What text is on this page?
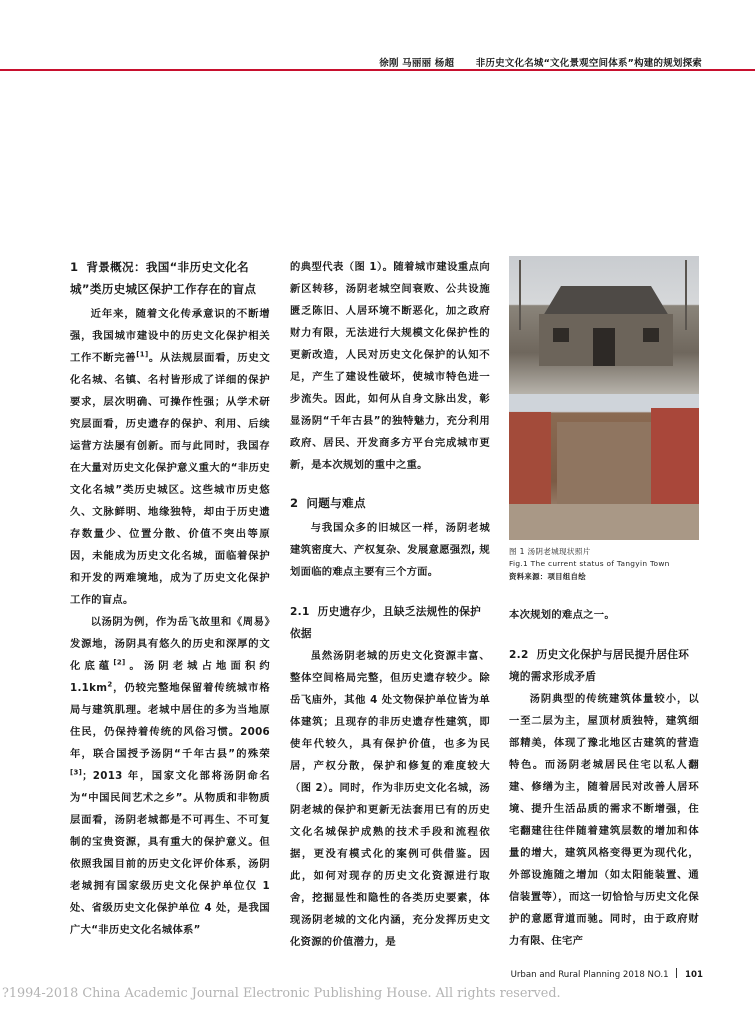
徐刚 马丽丽 杨超 非历史文化名城“文化景观空间体系”构建的规划探索
1 背景概况：我国“非历史文化名城”类历史城区保护工作存在的盲点

近年来，随着文化传承意识的不断增强，我国城市建设中的历史文化保护相关工作不断完善[1]。从法规层面看，历史文化名城、名镇、名村皆形成了详细的保护要求，层次明确、可操作性强；从学术研究层面看，历史遗存的保护、利用、后续运营方法屡有创新。而与此同时，我国存在大量对历史文化保护意义重大的“非历史文化名城”类历史城区。这些城市历史悠久、文脉鲜明、地缘独特，却由于历史遗存数量少、位置分散、价值不突出等原因，未能成为历史文化名城，面临着保护和开发的两难境地，成为了历史文化保护工作的盲点。

以汤阴为例，作为岳飞故里和《周易》发源地，汤阴具有悠久的历史和深厚的文化底蕴[2]。汤阴老城占地面积约$1.1km^2$，仍较完整地保留着传统城市格局与建筑肌理。老城中居住的多为当地原住民，仍保持着传统的风俗习惯。2006年，联合国授予汤阴“千年古县”的殊荣[3]；2013 年，国家文化部将汤阴命名为“中国民间艺术之乡”。从物质和非物质层面看，汤阴老城都是不可再生、不可复制的宝贵资源，具有重大的保护意义。但依照我国目前的历史文化评价体系，汤阴老城拥有国家级历史文化保护单位仅 1 处、省级历史文化保护单位 4 处，是我国广大“非历史文化名城体系”

的典型代表（图 1）。随着城市建设重点向新区转移，汤阴老城空间衰败、公共设施匮乏陈旧、人居环境不断恶化，加之政府财力有限，无法进行大规模文化保护性的更新改造，人民对历史文化保护的认知不足，产生了建设性破坏，使城市特色进一步流失。因此，如何从自身文脉出发，彰显汤阴“千年古县”的独特魅力，充分利用政府、居民、开发商多方平台完成城市更新，是本次规划的重中之重。

2 问题与难点

与我国众多的旧城区一样，汤阴老城建筑密度大、产权复杂、发展意愿强烈, 规划面临的难点主要有三个方面。

2.1 历史遗存少，且缺乏法规性的保护依据

虽然汤阴老城的历史文化资源丰富、整体空间格局完整，但历史遗存较少。除岳飞庙外，其他 4 处文物保护单位皆为单体建筑；且现存的非历史遗存性建筑，即使年代较久，具有保护价值，也多为民居，产权分散，保护和修复的难度较大（图 2）。同时，作为非历史文化名城，汤阴老城的保护和更新无法套用已有的历史文化名城保护成熟的技术手段和流程依据，更没有模式化的案例可供借鉴。因此，如何对现存的历史文化资源进行取舍，挖掘显性和隐性的各类历史要素，体现汤阴老城的文化内涵，充分发挥历史文化资源的价值潜力，是

图 1 汤阴老城现状照片
Fig.1 The current status of Tangyin Town
资料来源：项目组自绘

本次规划的难点之一。

2.2 历史文化保护与居民提升居住环境的需求形成矛盾

汤阴典型的传统建筑体量较小，以一至二层为主，屋顶材质独特，建筑细部精美，体现了豫北地区古建筑的营造特色。而汤阴老城居民住宅以私人翻建、修缮为主，随着居民对改善人居环境、提升生活品质的需求不断增强，住宅翻建往往伴随着建筑层数的增加和体量的增大，建筑风格变得更为现代化，外部设施随之增加（如太阳能装置、通信装置等），而这一切恰恰与历史文化保护的意愿背道而驰。同时，由于政府财力有限、住宅产

Urban and Rural Planning 2018 NO.1 101
?1994-2018 China Academic Journal Electronic Publishing House. All rights reserved.
